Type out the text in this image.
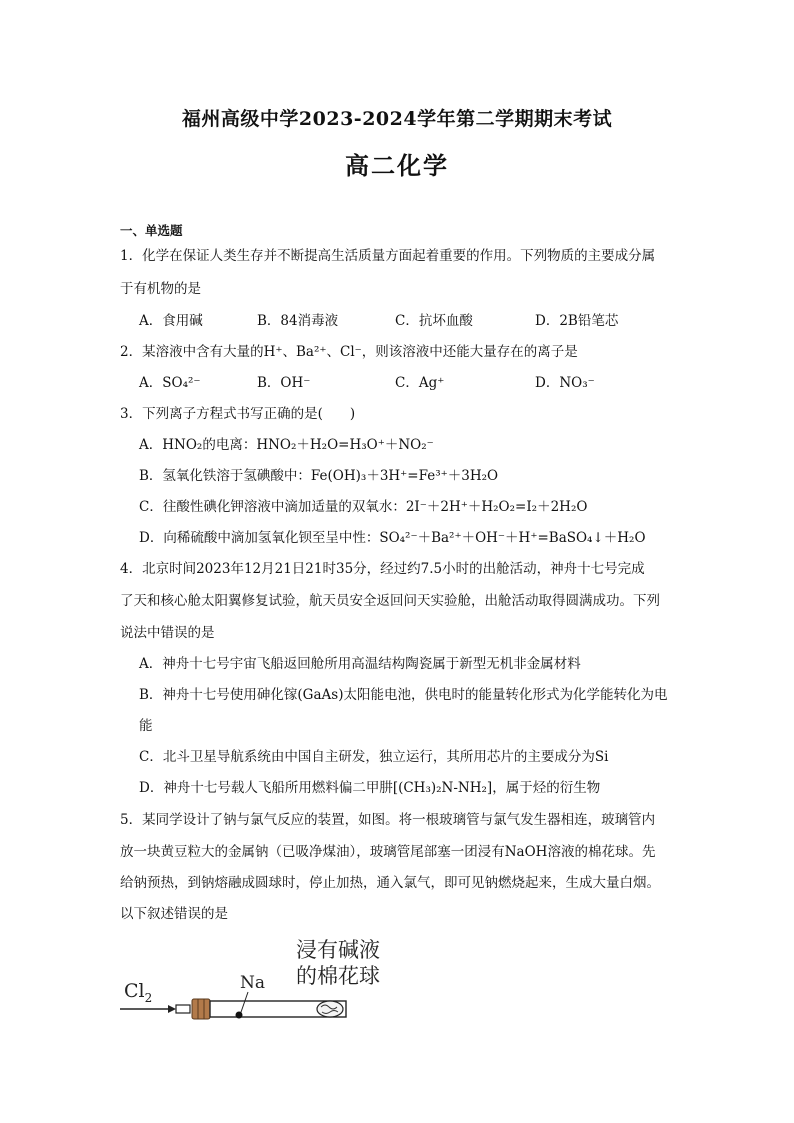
福州高级中学2023-2024学年第二学期期末考试
高二化学
一、单选题
1．化学在保证人类生存并不断提高生活质量方面起着重要的作用。下列物质的主要成分属
于有机物的是
A．食用碱	B．84消毒液	C．抗坏血酸	D．2B铅笔芯
2．某溶液中含有大量的H⁺、Ba²⁺、Cl⁻，则该溶液中还能大量存在的离子是
A．SO₄²⁻	B．OH⁻	C．Ag⁺	D．NO₃⁻
3．下列离子方程式书写正确的是(　　)
A．HNO₂的电离：HNO₂＋H₂O=H₃O⁺＋NO₂⁻
B．氢氧化铁溶于氢碘酸中：Fe(OH)₃＋3H⁺=Fe³⁺＋3H₂O
C．往酸性碘化钾溶液中滴加适量的双氧水：2I⁻＋2H⁺＋H₂O₂=I₂＋2H₂O
D．向稀硫酸中滴加氢氧化钡至呈中性：SO₄²⁻＋Ba²⁺＋OH⁻＋H⁺=BaSO₄↓＋H₂O
4．北京时间2023年12月21日21时35分，经过约7.5小时的出舱活动，神舟十七号完成
了天和核心舱太阳翼修复试验，航天员安全返回问天实验舱，出舱活动取得圆满成功。下列
说法中错误的是
A．神舟十七号宇宙飞船返回舱所用高温结构陶瓷属于新型无机非金属材料
B．神舟十七号使用砷化镓(GaAs)太阳能电池，供电时的能量转化形式为化学能转化为电
能
C．北斗卫星导航系统由中国自主研发，独立运行，其所用芯片的主要成分为Si
D．神舟十七号载人飞船所用燃料偏二甲肼[(CH₃)₂N-NH₂]，属于烃的衍生物
5．某同学设计了钠与氯气反应的装置，如图。将一根玻璃管与氯气发生器相连，玻璃管内
放一块黄豆粒大的金属钠（已吸净煤油），玻璃管尾部塞一团浸有NaOH溶液的棉花球。先
给钠预热，到钠熔融成圆球时，停止加热，通入氯气，即可见钠燃烧起来，生成大量白烟。
以下叙述错误的是
浸有碱液
的棉花球
Na
$Cl_2$
